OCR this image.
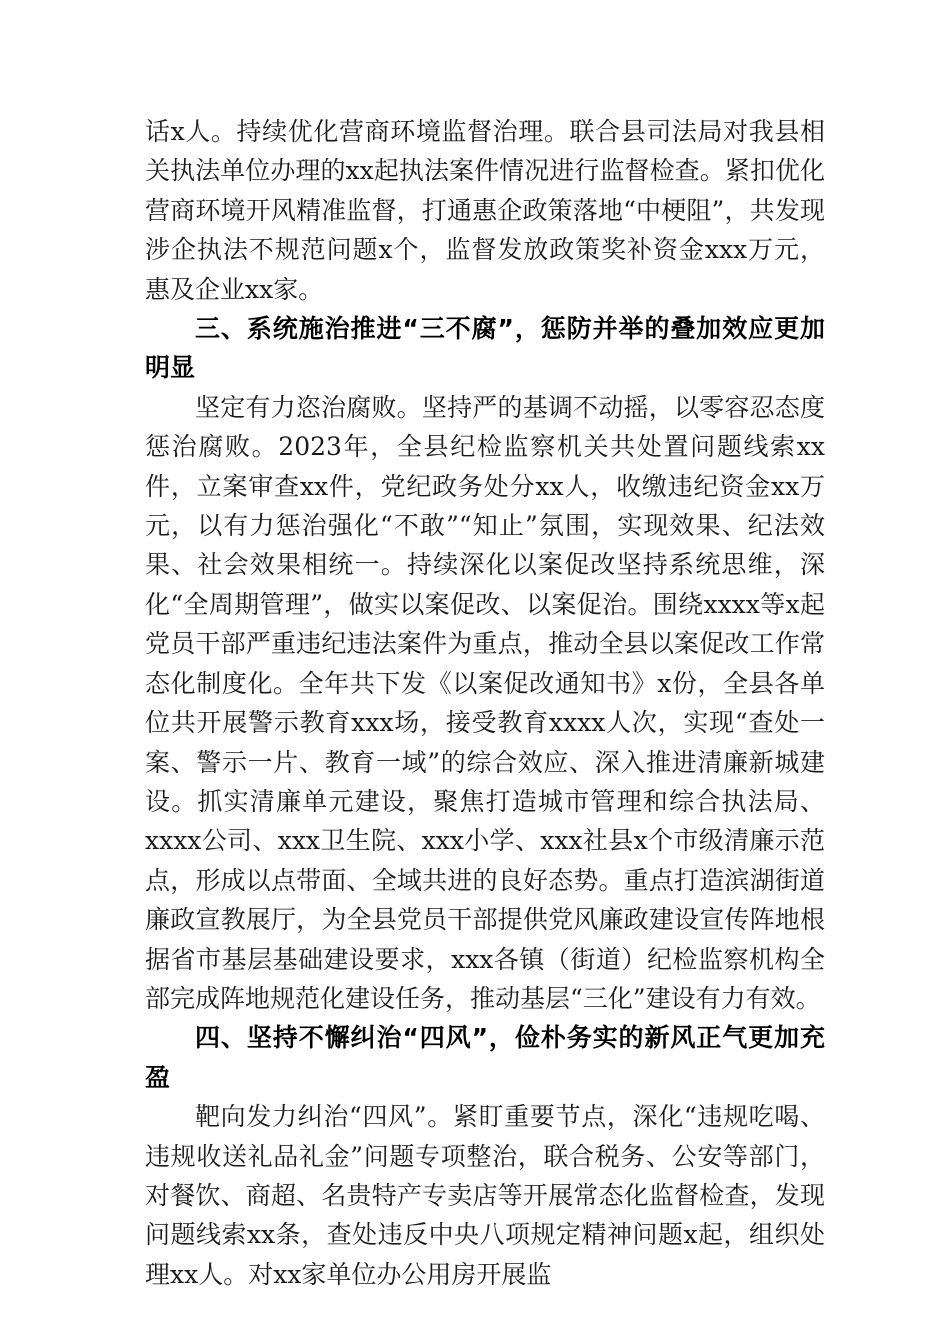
话x人。持续优化营商环境监督治理。联合县司法局对我县相关执法单位办理的xx起执法案件情况进行监督检查。紧扣优化营商环境开风精准监督，打通惠企政策落地“中梗阻”，共发现涉企执法不规范问题x个，监督发放政策奖补资金xxx万元，惠及企业xx家。

三、系统施治推进“三不腐”，惩防并举的叠加效应更加明显

坚定有力恣治腐败。坚持严的基调不动摇，以零容忍态度惩治腐败。2023年，全县纪检监察机关共处置问题线索xx件，立案审查xx件，党纪政务处分xx人，收缴违纪资金xx万元，以有力惩治强化“不敢”“知止”氛围，实现效果、纪法效果、社会效果相统一。持续深化以案促改坚持系统思维，深化“全周期管理”，做实以案促改、以案促治。围绕xxxx等x起党员干部严重违纪违法案件为重点，推动全县以案促改工作常态化制度化。全年共下发《以案促改通知书》x份，全县各单位共开展警示教育xxx场，接受教育xxxx人次，实现“查处一案、警示一片、教育一域”的综合效应、深入推进清廉新城建设。抓实清廉单元建设，聚焦打造城市管理和综合执法局、xxxx公司、xxx卫生院、xxx小学、xxx社县x个市级清廉示范点，形成以点带面、全域共进的良好态势。重点打造滨湖街道廉政宣教展厅，为全县党员干部提供党风廉政建设宣传阵地根据省市基层基础建设要求，xxx各镇（街道）纪检监察机构全部完成阵地规范化建设任务，推动基层“三化”建设有力有效。

四、坚持不懈纠治“四风”，俭朴务实的新风正气更加充盈

靶向发力纠治“四风”。紧盯重要节点，深化“违规吃喝、违规收送礼品礼金”问题专项整治，联合税务、公安等部门，对餐饮、商超、名贵特产专卖店等开展常态化监督检查，发现问题线索xx条，查处违反中央八项规定精神问题x起，组织处理xx人。对xx家单位办公用房开展监
